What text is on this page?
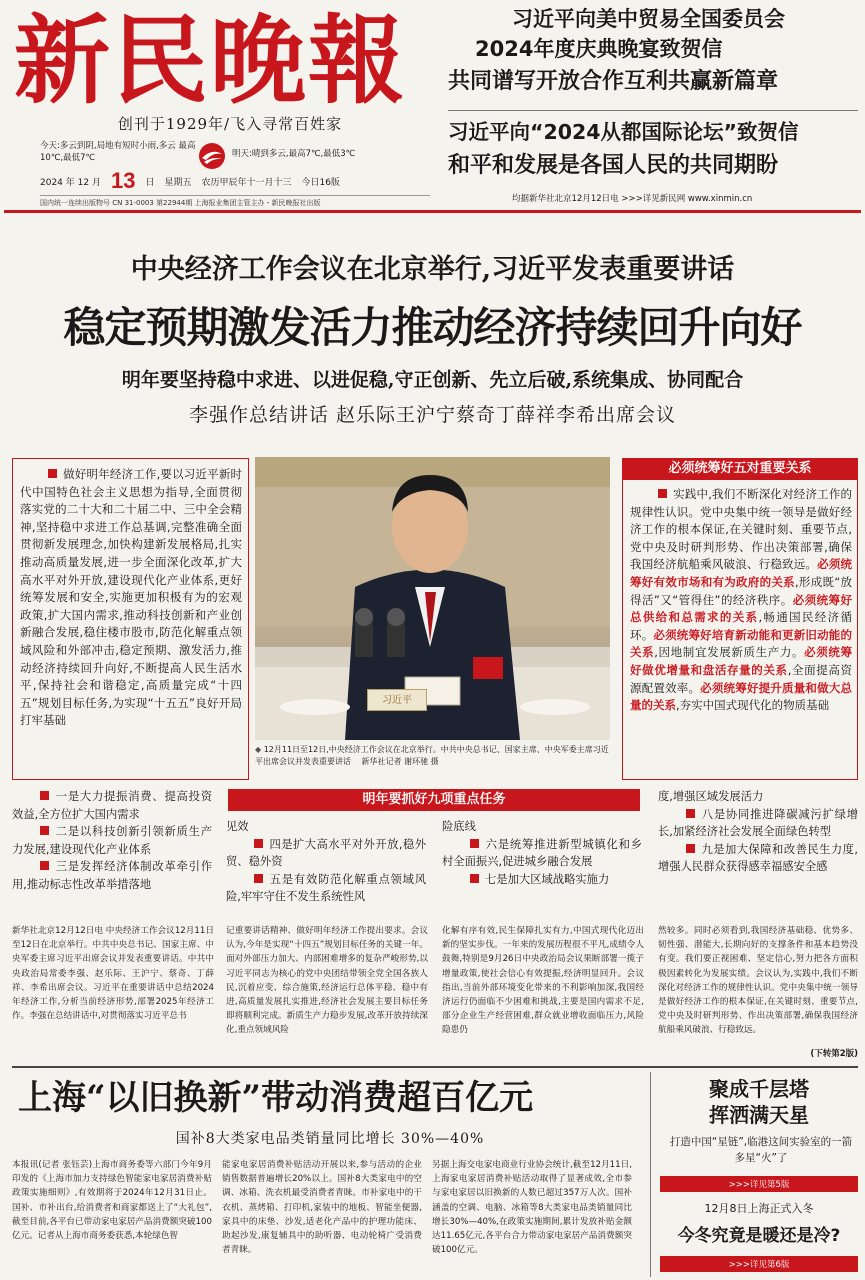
新民晚報
创刊于1929年/飞入寻常百姓家
今天:多云到阴,局地有短时小雨,多云 最高10℃,最低7℃	明天:晴到多云,最高7℃,最低3℃
2024 年 12 月 13 日 星期五 农历甲辰年十一月十三 今日16版
国内统一连续出版物号 CN 31-0003 第22944期 上海报业集团主管主办・新民晚报社出版
习近平向美中贸易全国委员会
2024年度庆典晚宴致贺信
共同谱写开放合作互利共赢新篇章
习近平向“2024从都国际论坛”致贺信
和平和发展是各国人民的共同期盼
均据新华社北京12月12日电 >>>详见新民网 www.xinmin.cn
中央经济工作会议在北京举行,习近平发表重要讲话
稳定预期激发活力推动经济持续回升向好
明年要坚持稳中求进、以进促稳,守正创新、先立后破,系统集成、协同配合
李强作总结讲话 赵乐际王沪宁蔡奇丁薛祥李希出席会议
做好明年经济工作,要以习近平新时代中国特色社会主义思想为指导,全面贯彻落实党的二十大和二十届二中、三中全会精神,坚持稳中求进工作总基调,完整准确全面贯彻新发展理念,加快构建新发展格局,扎实推动高质量发展,进一步全面深化改革,扩大高水平对外开放,建设现代化产业体系,更好统筹发展和安全,实施更加积极有为的宏观政策,扩大国内需求,推动科技创新和产业创新融合发展,稳住楼市股市,防范化解重点领域风险和外部冲击,稳定预期、激发活力,推动经济持续回升向好,不断提高人民生活水平,保持社会和谐稳定,高质量完成“十四五”规划目标任务,为实现“十五五”良好开局打牢基础
习近平
◆ 12月11日至12日,中央经济工作会议在北京举行。中共中央总书记、国家主席、中央军委主席习近平出席会议并发表重要讲话 新华社记者 谢环驰 摄
必须统筹好五对重要关系
实践中,我们不断深化对经济工作的规律性认识。党中央集中统一领导是做好经济工作的根本保证,在关键时刻、重要节点,党中央及时研判形势、作出决策部署,确保我国经济航船乘风破浪、行稳致远。必须统筹好有效市场和有为政府的关系,形成既“放得活”又“管得住”的经济秩序。必须统筹好总供给和总需求的关系,畅通国民经济循环。必须统筹好培育新动能和更新旧动能的关系,因地制宜发展新质生产力。必须统筹好做优增量和盘活存量的关系,全面提高资源配置效率。必须统筹好提升质量和做大总量的关系,夯实中国式现代化的物质基础
明年要抓好九项重点任务
一是大力提振消费、提高投资效益,全方位扩大国内需求
二是以科技创新引领新质生产力发展,建设现代化产业体系
三是发挥经济体制改革牵引作用,推动标志性改革举措落地
见效
四是扩大高水平对外开放,稳外贸、稳外资
五是有效防范化解重点领域风险,牢牢守住不发生系统性风
险底线
六是统筹推进新型城镇化和乡村全面振兴,促进城乡融合发展
七是加大区域战略实施力
度,增强区域发展活力
八是协同推进降碳减污扩绿增长,加紧经济社会发展全面绿色转型
九是加大保障和改善民生力度,增强人民群众获得感幸福感安全感
新华社北京12月12日电 中央经济工作会议12月11日至12日在北京举行。中共中央总书记、国家主席、中央军委主席习近平出席会议并发表重要讲话。中共中央政治局常委李强、赵乐际、王沪宁、蔡奇、丁薛祥、李希出席会议。习近平在重要讲话中总结2024年经济工作,分析当前经济形势,部署2025年经济工作。李强在总结讲话中,对贯彻落实习近平总书
记重要讲话精神、做好明年经济工作提出要求。会议认为,今年是实现“十四五”规划目标任务的关键一年。面对外部压力加大、内部困难增多的复杂严峻形势,以习近平同志为核心的党中央团结带领全党全国各族人民,沉着应变、综合施策,经济运行总体平稳、稳中有进,高质量发展扎实推进,经济社会发展主要目标任务即将顺利完成。新质生产力稳步发展,改革开放持续深化,重点领域风险
化解有序有效,民生保障扎实有力,中国式现代化迈出新的坚实步伐。一年来的发展历程很不平凡,成绩令人鼓舞,特别是9月26日中央政治局会议果断部署一揽子增量政策,使社会信心有效提振,经济明显回升。会议指出,当前外部环境变化带来的不利影响加深,我国经济运行仍面临不少困难和挑战,主要是国内需求不足,部分企业生产经营困难,群众就业增收面临压力,风险隐患仍
然较多。同时必须看到,我国经济基础稳、优势多、韧性强、潜能大,长期向好的支撑条件和基本趋势没有变。我们要正视困难、坚定信心,努力把各方面积极因素转化为发展实绩。会议认为,实践中,我们不断深化对经济工作的规律性认识。党中央集中统一领导是做好经济工作的根本保证,在关键时刻、重要节点,党中央及时研判形势、作出决策部署,确保我国经济航船乘风破浪、行稳致远。
(下转第2版)
上海“以旧换新”带动消费超百亿元
国补8大类家电品类销量同比增长 30%—40%
本报讯(记者 张钰芸)上海市商务委等六部门今年9月印发的《上海市加力支持绿色智能家电家居消费补贴政策实施细则》,有效期将于2024年12月31日止。国补、市补出台,给消费者和商家都送上了“大礼包”,截至目前,各平台已带动家电家居产品消费额突破100亿元。记者从上海市商务委获悉,本轮绿色智
能家电家居消费补贴活动开展以来,参与活动的企业销售数据普遍增长20%以上。国补8大类家电中的空调、冰箱、洗衣机最受消费者青睐。市补家电中的干衣机、蒸烤箱、打印机,家装中的地板、智能坐便器,家具中的床垫、沙发,适老化产品中的护理功能床、助起沙发,康复辅具中的助听器、电动轮椅广受消费者青睐。
另据上海交电家电商业行业协会统计,截至12月11日,上海家电家居消费补贴活动取得了显著成效,全市参与家电家居以旧换新的人数已超过357万人次。国补涵盖的空调、电脑、冰箱等8大类家电品类销量同比增长30%—40%,在政策实施期间,累计发放补贴金额达11.65亿元,各平台合力带动家电家居产品消费额突破100亿元。
聚成千层塔
挥洒满天星
打造中国“星链”,临港这间实验室的一箭多星“火”了
>>>详见第5版
12月8日上海正式入冬
今冬究竟是暖还是冷?
>>>详见第6版
